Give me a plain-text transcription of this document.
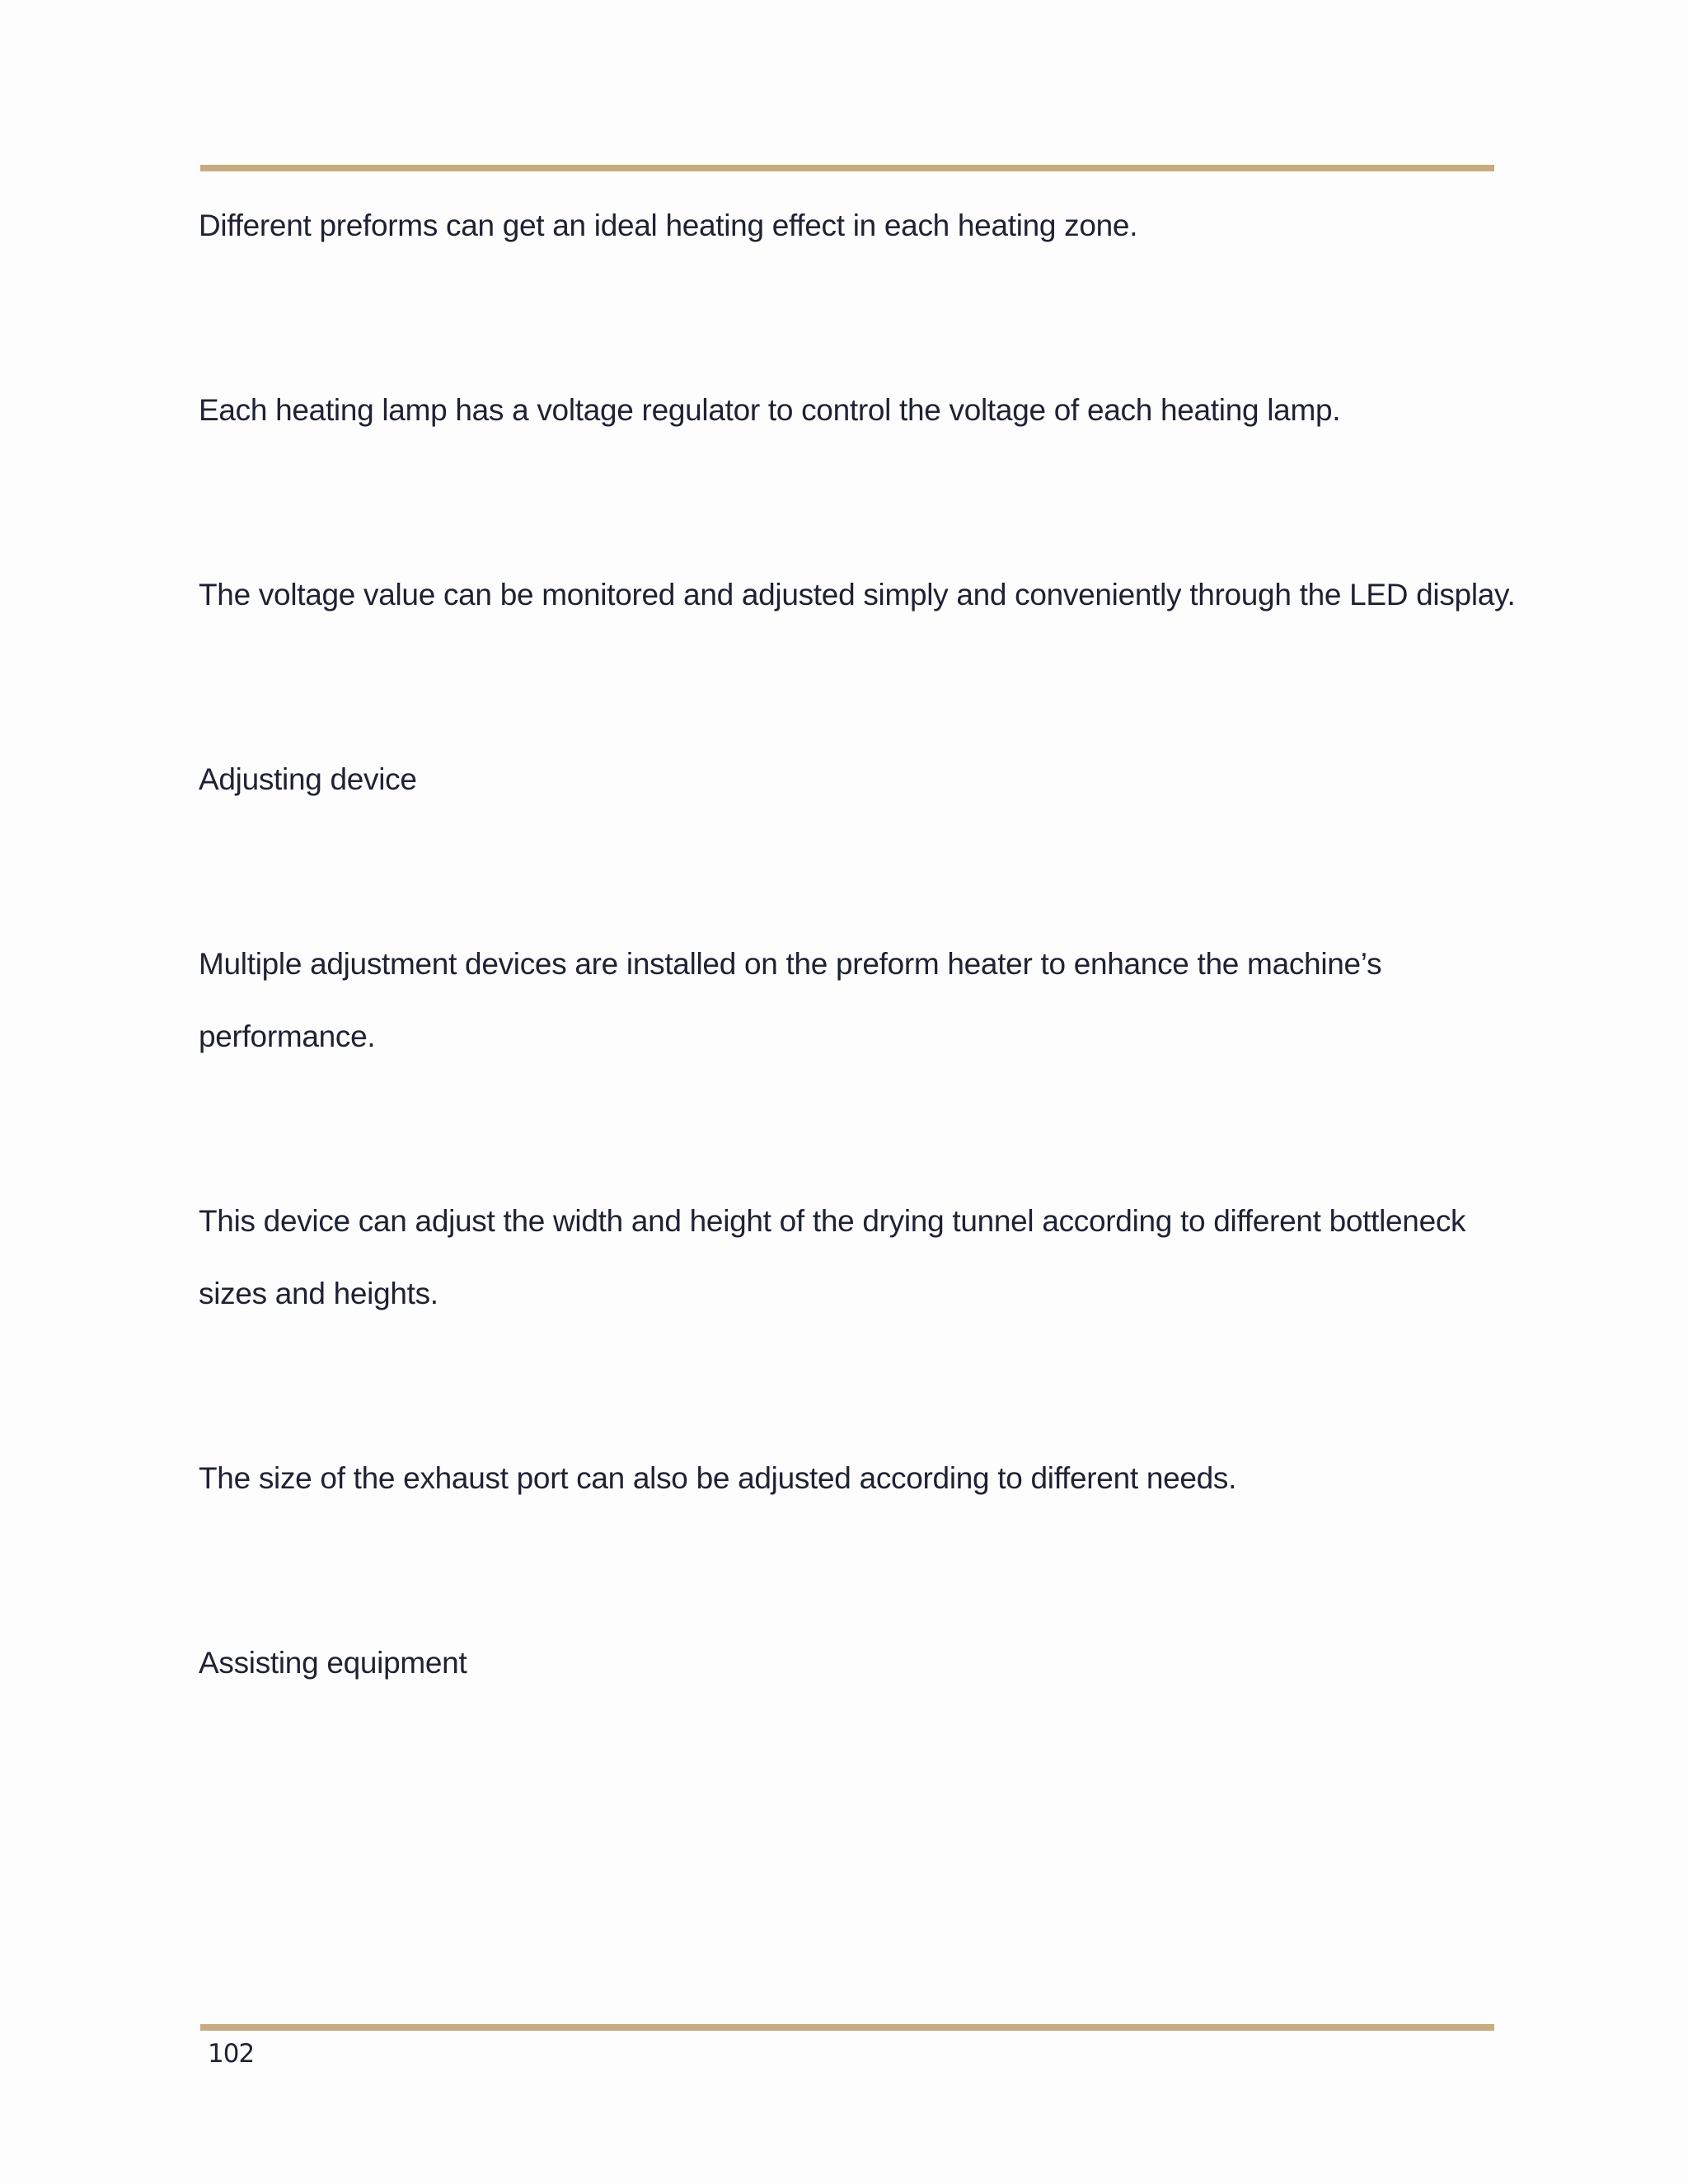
Different preforms can get an ideal heating effect in each heating zone.

Each heating lamp has a voltage regulator to control the voltage of each heating lamp.

The voltage value can be monitored and adjusted simply and conveniently through the LED display.

Adjusting device

Multiple adjustment devices are installed on the preform heater to enhance the machine’s
performance.

This device can adjust the width and height of the drying tunnel according to different bottleneck
sizes and heights.

The size of the exhaust port can also be adjusted according to different needs.

Assisting equipment

102
